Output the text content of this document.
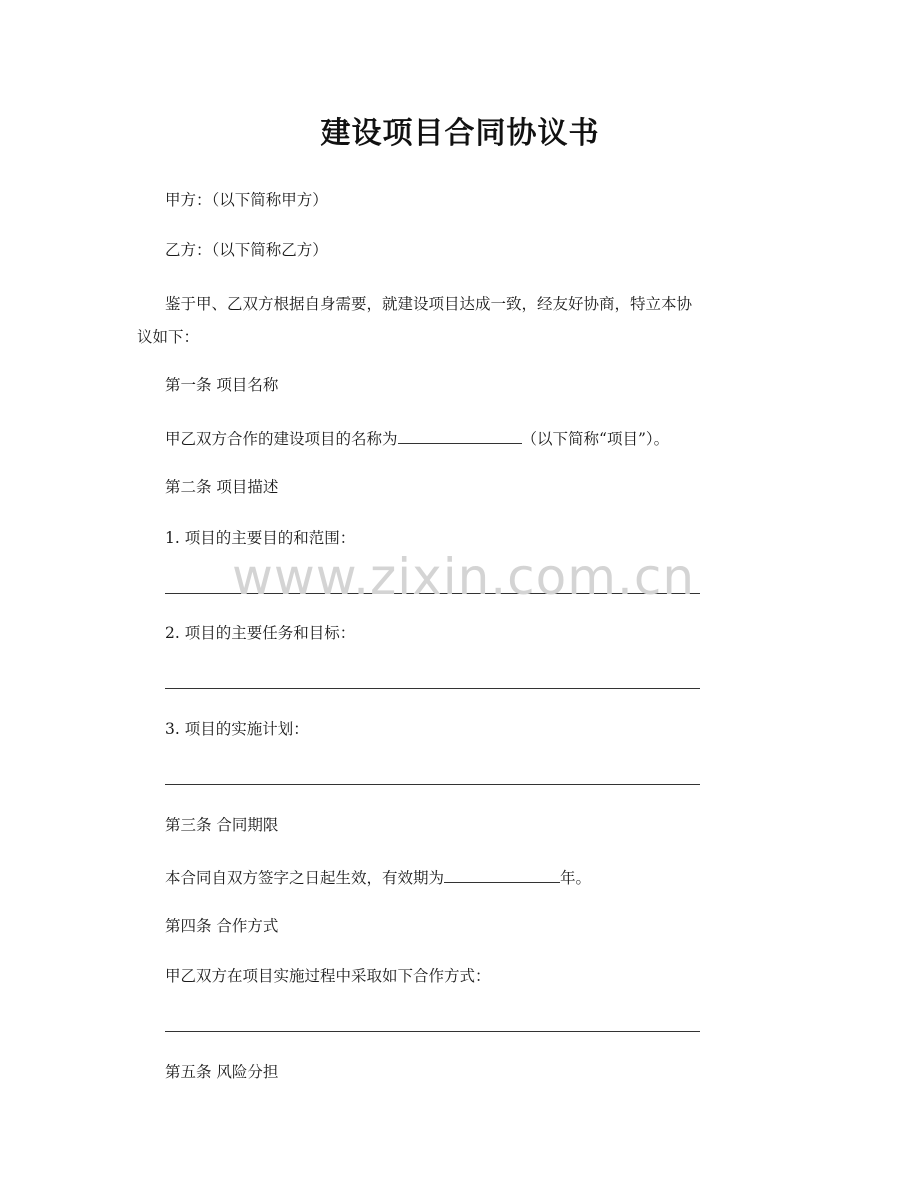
建设项目合同协议书

甲方：（以下简称甲方）

乙方：（以下简称乙方）

鉴于甲、乙双方根据自身需要，就建设项目达成一致，经友好协商，特立本协

议如下：

第一条 项目名称

甲乙双方合作的建设项目的名称为	（以下简称“项目”）。

第二条 项目描述

1. 项目的主要目的和范围：

2. 项目的主要任务和目标：

3. 项目的实施计划：

第三条 合同期限

本合同自双方签字之日起生效，有效期为	年。

第四条 合作方式

甲乙双方在项目实施过程中采取如下合作方式：

第五条 风险分担

www.zixin.com.cn
